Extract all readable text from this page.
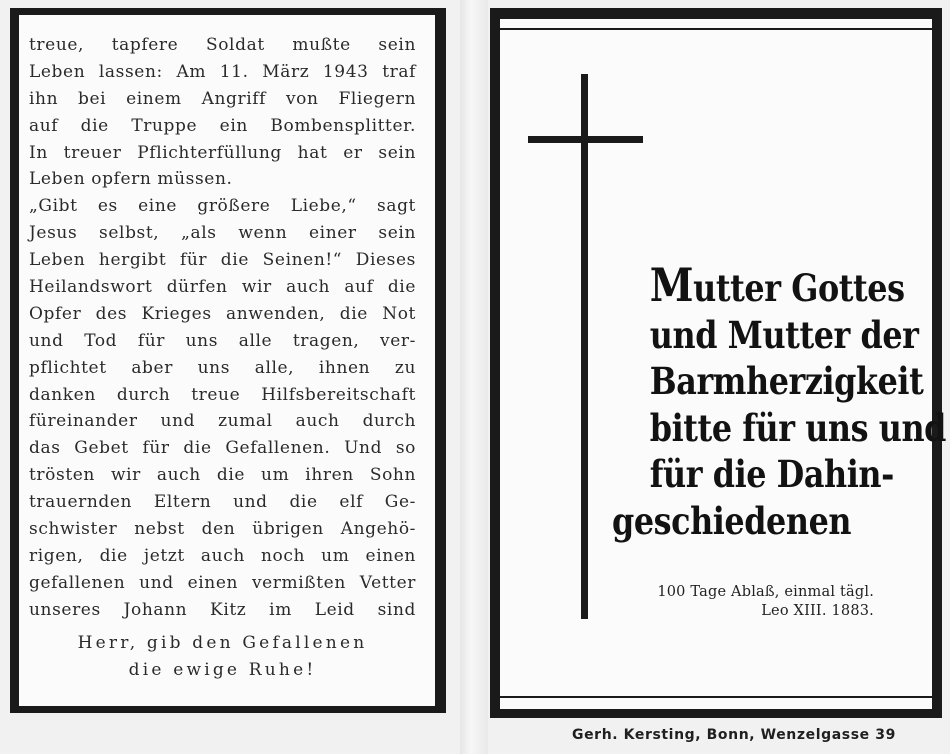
treue, tapfere Soldat mußte sein
Leben lassen: Am 11. März 1943 traf
ihn bei einem Angriff von Fliegern
auf die Truppe ein Bombensplitter.
In treuer Pflichterfüllung hat er sein
Leben opfern müssen.
„Gibt es eine größere Liebe,“ sagt
Jesus selbst, „als wenn einer sein
Leben hergibt für die Seinen!“ Dieses
Heilandswort dürfen wir auch auf die
Opfer des Krieges anwenden, die Not
und Tod für uns alle tragen, ver-
pflichtet aber uns alle, ihnen zu
danken durch treue Hilfsbereitschaft
füreinander und zumal auch durch
das Gebet für die Gefallenen. Und so
trösten wir auch die um ihren Sohn
trauernden Eltern und die elf Ge-
schwister nebst den übrigen Angehö-
rigen, die jetzt auch noch um einen
gefallenen und einen vermißten Vetter
unseres Johann Kitz im Leid sind
Herr, gib den Gefallenen
die ewige Ruhe!
Mutter Gottes
und Mutter der
Barmherzigkeit
bitte für uns und
für die Dahin-
geschiedenen
100 Tage Ablaß, einmal tägl.
Leo XIII. 1883.
Gerh. Kersting, Bonn, Wenzelgasse 39
